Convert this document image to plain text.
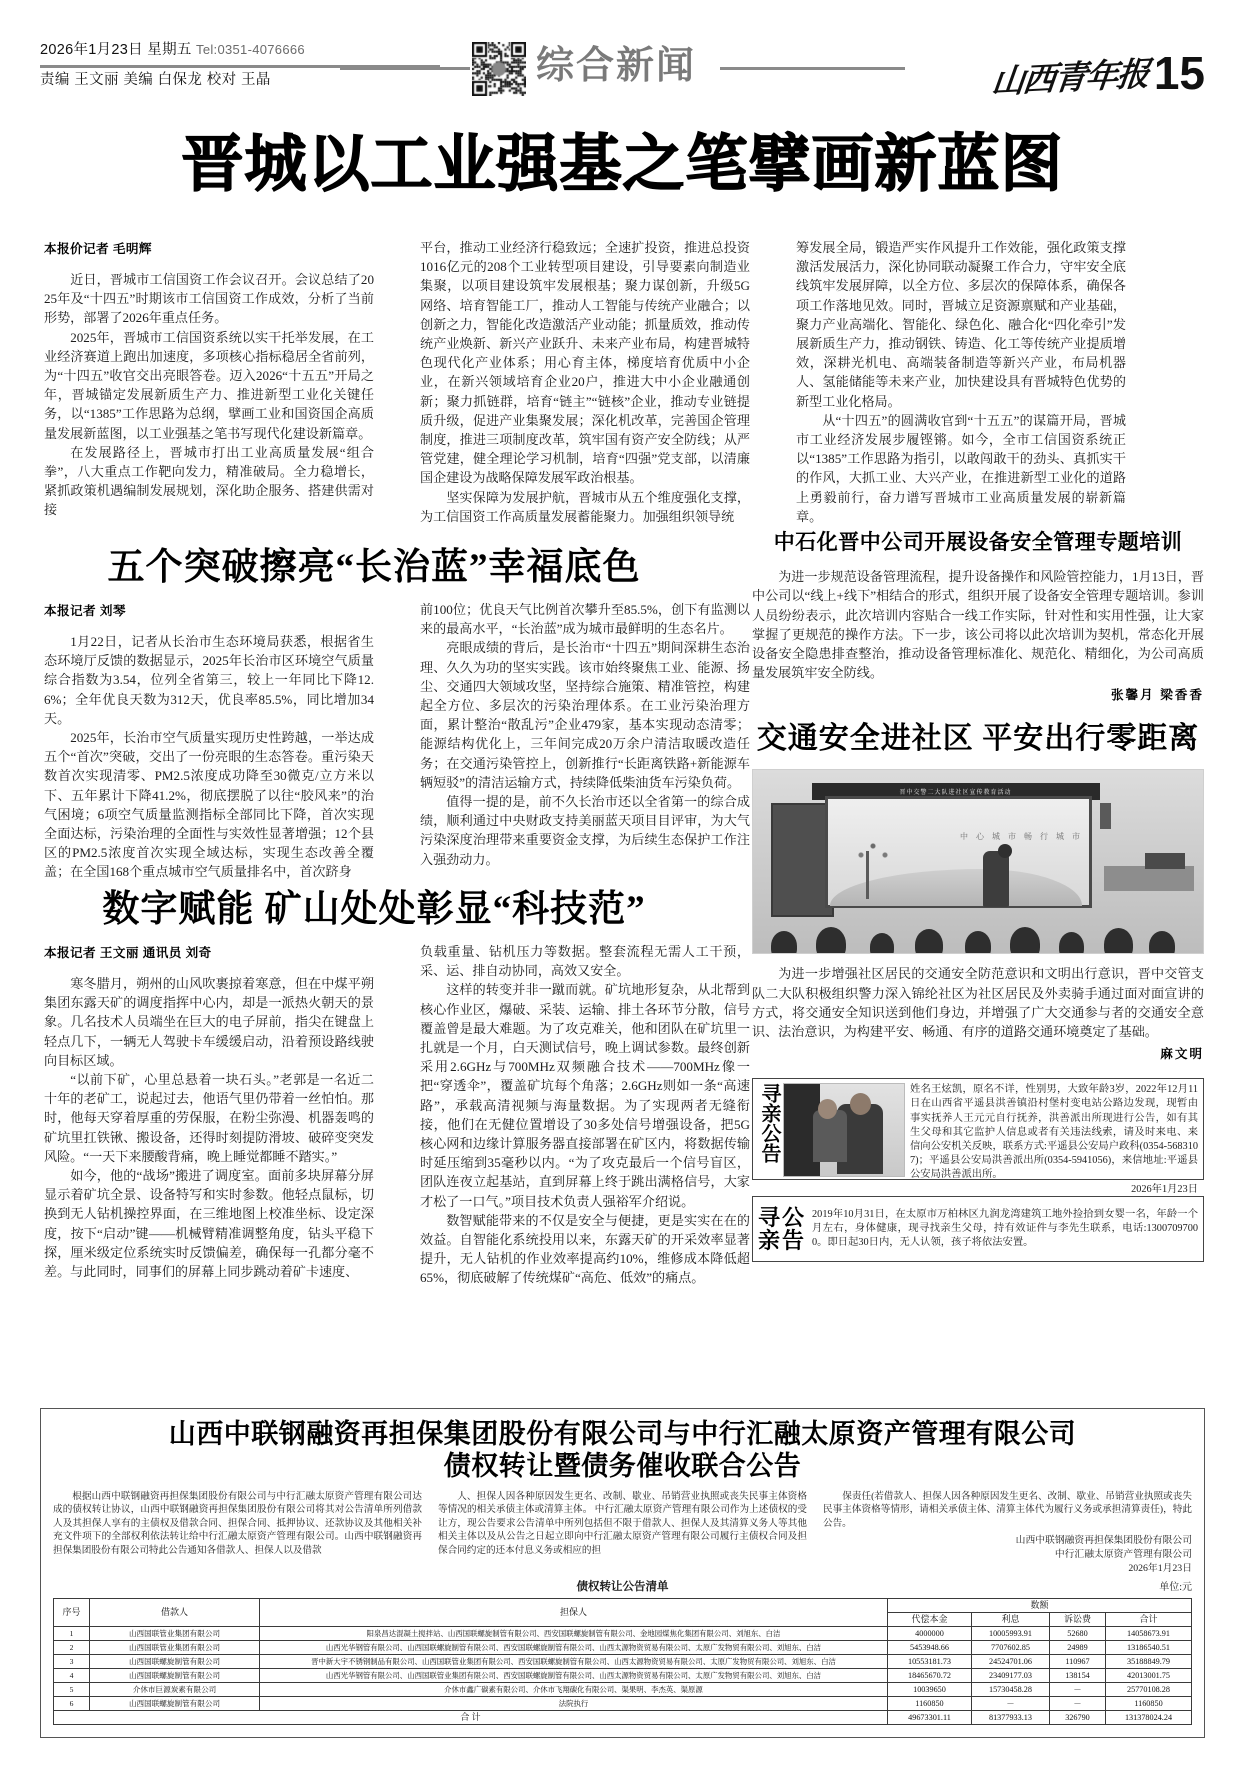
2026年1月23日 星期五 Tel:0351-4076666
责编 王文丽 美编 白保龙 校对 王晶	综合新闻	山西青年报 15
晋城以工业强基之笔擘画新蓝图
本报价记者 毛明辉

近日，晋城市工信国资工作会议召开。会议总结了2025年及“十四五”时期该市工信国资工作成效，分析了当前形势，部署了2026年重点任务。

2025年，晋城市工信国资系统以实干托举发展，在工业经济赛道上跑出加速度，多项核心指标稳居全省前列，为“十四五”收官交出亮眼答卷。迈入2026“十五五”开局之年，晋城锚定发展新质生产力、推进新型工业化关键任务，以“1385”工作思路为总纲，擘画工业和国资国企高质量发展新蓝图，以工业强基之笔书写现代化建设新篇章。

在发展路径上，晋城市打出工业高质量发展“组合拳”，八大重点工作靶向发力，精准破局。全力稳增长，紧抓政策机遇编制发展规划，深化助企服务、搭建供需对接

平台，推动工业经济行稳致远；全速扩投资，推进总投资1016亿元的208个工业转型项目建设，引导要素向制造业集聚，以项目建设筑牢发展根基；聚力谋创新，升级5G网络、培育智能工厂，推动人工智能与传统产业融合；以创新之力，智能化改造激活产业动能；抓量质效，推动传统产业焕新、新兴产业跃升、未来产业布局，构建晋城特色现代化产业体系；用心育主体，梯度培育优质中小企业，在新兴领域培育企业20户，推进大中小企业融通创新；聚力抓链群，培育“链主”“链核”企业，推动专业链提质升级，促进产业集聚发展；深化机改革，完善国企管理制度，推进三项制度改革，筑牢国有资产安全防线；从严管党建，健全理论学习机制，培育“四强”党支部，以清廉国企建设为战略保障发展军政治根基。

坚实保障为发展护航，晋城市从五个维度强化支撑，为工信国资工作高质量发展蓄能聚力。加强组织领导统

筹发展全局，锻造严实作风提升工作效能，强化政策支撑激活发展活力，深化协同联动凝聚工作合力，守牢安全底线筑牢发展屏障，以全方位、多层次的保障体系，确保各项工作落地见效。同时，晋城立足资源禀赋和产业基础，聚力产业高端化、智能化、绿色化、融合化“四化牵引”发展新质生产力，推动钢铁、铸造、化工等传统产业提质增效，深耕光机电、高端装备制造等新兴产业，布局机器人、氢能储能等未来产业，加快建设具有晋城特色优势的新型工业化格局。

从“十四五”的圆满收官到“十五五”的谋篇开局，晋城市工业经济发展步履铿锵。如今，全市工信国资系统正以“1385”工作思路为指引，以敢闯敢干的劲头、真抓实干的作风，大抓工业、大兴产业，在推进新型工业化的道路上勇毅前行，奋力谱写晋城市工业高质量发展的崭新篇章。

五个突破擦亮“长治蓝”幸福底色
本报记者 刘琴

1月22日，记者从长治市生态环境局获悉，根据省生态环境厅反馈的数据显示，2025年长治市区环境空气质量综合指数为3.54，位列全省第三，较上一年同比下降12.6%；全年优良天数为312天，优良率85.5%，同比增加34天。

2025年，长治市空气质量实现历史性跨越，一举达成五个“首次”突破，交出了一份亮眼的生态答卷。重污染天数首次实现清零、PM2.5浓度成功降至30微克/立方米以下、五年累计下降41.2%，彻底摆脱了以往“胶风来”的治气困境；6项空气质量监测指标全部同比下降，首次实现全面达标，污染治理的全面性与实效性显著增强；12个县区的PM2.5浓度首次实现全域达标，实现生态改善全覆盖；在全国168个重点城市空气质量排名中，首次跻身

前100位；优良天气比例首次攀升至85.5%，创下有监测以来的最高水平，“长治蓝”成为城市最鲜明的生态名片。

亮眼成绩的背后，是长治市“十四五”期间深耕生态治理、久久为功的坚实实践。该市始终聚焦工业、能源、扬尘、交通四大领域攻坚，坚持综合施策、精准管控，构建起全方位、多层次的污染治理体系。在工业污染治理方面，累计整治“散乱污”企业479家，基本实现动态清零；能源结构优化上，三年间完成20万余户清洁取暖改造任务；在交通污染管控上，创新推行“长距离铁路+新能源车辆短驳”的清洁运输方式，持续降低柴油货车污染负荷。

值得一提的是，前不久长治市还以全省第一的综合成绩，顺利通过中央财政支持美丽蓝天项目目评审，为大气污染深度治理带来重要资金支撑，为后续生态保护工作注入强劲动力。

数字赋能 矿山处处彰显“科技范”
本报记者 王文丽 通讯员 刘奇

寒冬腊月，朔州的山风吹裹掠着寒意，但在中煤平朔集团东露天矿的调度指挥中心内，却是一派热火朝天的景象。几名技术人员端坐在巨大的电子屏前，指尖在键盘上轻点几下，一辆无人驾驶卡车缓缓启动，沿着预设路线驶向目标区域。

“以前下矿，心里总悬着一块石头。”老郭是一名近二十年的老矿工，说起过去，他语气里仍带着一丝怕怕。那时，他每天穿着厚重的劳保服，在粉尘弥漫、机器轰鸣的矿坑里扛铁锹、搬设备，还得时刻提防滑坡、破碎变突发风险。“一天下来腰酸背痛，晚上睡觉都睡不踏实。”

如今，他的“战场”搬进了调度室。面前多块屏幕分屏显示着矿坑全景、设备特写和实时参数。他轻点鼠标，切换到无人钻机操控界面，在三维地图上校准坐标、设定深度，按下“启动”键——机械臂精准调整角度，钻头平稳下探，厘米级定位系统实时反馈偏差，确保每一孔都分毫不差。与此同时，同事们的屏幕上同步跳动着矿卡速度、

负载重量、钻机压力等数据。整套流程无需人工干预，采、运、排自动协同，高效又安全。

这样的转变并非一蹴而就。矿坑地形复杂，从北帮到核心作业区，爆破、采装、运输、排土各环节分散，信号覆盖曾是最大难题。为了攻克难关，他和团队在矿坑里一扎就是一个月，白天测试信号，晚上调试参数。最终创新采用2.6GHz与700MHz双频融合技术——700MHz像一把“穿透伞”，覆盖矿坑每个角落；2.6GHz则如一条“高速路”，承载高清视频与海量数据。为了实现两者无缝衔接，他们在无健位置增设了30多处信号增强设备，把5G核心网和边缘计算服务器直接部署在矿区内，将数据传输时延压缩到35毫秒以内。“为了攻克最后一个信号盲区，团队连夜立起基站，直到屏幕上终于跳出满格信号，大家才松了一口气。”项目技术负责人强裕军介绍说。

数智赋能带来的不仅是安全与便捷，更是实实在在的效益。自智能化系统投用以来，东露天矿的开采效率显著提升，无人钻机的作业效率提高约10%，维修成本降低超65%，彻底破解了传统煤矿“高危、低效”的痛点。

中石化晋中公司开展设备安全管理专题培训

为进一步规范设备管理流程，提升设备操作和风险管控能力，1月13日，晋中公司以“线上+线下”相结合的形式，组织开展了设备安全管理专题培训。参训人员纷纷表示，此次培训内容贴合一线工作实际，针对性和实用性强，让大家掌握了更规范的操作方法。下一步，该公司将以此次培训为契机，常态化开展设备安全隐患排查整治，推动设备管理标准化、规范化、精细化，为公司高质量发展筑牢安全防线。

张馨月 梁香香
交通安全进社区 平安出行零距离
晋中交警二大队进社区宣传教育活动
中 心 城 市 畅 行 城 市

为进一步增强社区居民的交通安全防范意识和文明出行意识，晋中交管支队二大队积极组织警力深入锦纶社区为社区居民及外卖骑手通过面对面宣讲的方式，将交通安全知识送到他们身边，并增强了广大交通参与者的交通安全意识、法治意识，为构建平安、畅通、有序的道路交通环境奠定了基础。

麻文明
寻亲公告	姓名王炫凯，原名不详，性别男，大致年龄3岁，2022年12月11日在山西省平遥县洪善镇沿村堡村变电站公路边发现，现暂由事实抚养人王元元自行抚养，洪善派出所现进行公告，如有其生父母和其它监护人信息或者有关违法线索，请及时来电、来信向公安机关反映，联系方式:平遥县公安局户政科(0354-5683107)；平遥县公安局洪善派出所(0354-5941056)，来信地址:平遥县公安局洪善派出所。
2026年1月23日
寻 公
亲 告
2019年10月31日，在太原市万柏林区九润龙湾建筑工地外捡拾到女婴一名，年龄一个月左右，身体健康，现寻找亲生父母，持有效证件与李先生联系，电话:13007097000。即日起30日内，无人认领，孩子将依法安置。
山西中联钢融资再担保集团股份有限公司与中行汇融太原资产管理有限公司
债权转让暨债务催收联合公告

根据山西中联钢融资再担保集团股份有限公司与中行汇融太原资产管理有限公司达成的债权转让协议，山西中联钢融资再担保集团股份有限公司将其对公告清单所列借款人及其担保人享有的主债权及借款合同、担保合同、抵押协议、还款协议及其他相关补充文件项下的全部权利依法转让给中行汇融太原资产管理有限公司。山西中联钢融资再担保集团股份有限公司特此公告通知各借款人、担保人以及借款

人、担保人因各种原因发生更名、改制、歇业、吊销营业执照或丧失民事主体资格等情况的相关承债主体或清算主体。 中行汇融太原资产管理有限公司作为上述债权的受让方，现公告要求公告清单中所列包括但不限于借款人、担保人及其清算义务人等其他相关主体以及从公告之日起立即向中行汇融太原资产管理有限公司履行主债权合同及担保合同约定的还本付息义务或相应的担

保责任(若借款人、担保人因各种原因发生更名、改制、歇业、吊销营业执照或丧失民事主体资格等情形，请相关承债主体、清算主体代为履行义务或承担清算责任)，特此公告。

山西中联钢融资再担保集团股份有限公司
中行汇融太原资产管理有限公司
2026年1月23日
债权转让公告清单	单位:元
序号	借款人	担保人	数额			
			代偿本金	利息	诉讼费	合计
1	山西国联管业集团有限公司	阳泉昌达混凝土搅拌站、山西国联螺旋制管有限公司、西安国联螺旋制管有限公司、金地园煤焦化集团有限公司、刘旭东、白洁	4000000	10005993.91	52680	14058673.91
2	山西国联管业集团有限公司	山西光华钢管有限公司、山西国联螺旋制管有限公司、西安国联螺旋制管有限公司、山西太源物资贸易有限公司、太原广发物贸有限公司、刘旭东、白洁	5453948.66	7707602.85	24989	13186540.51
3	山西国联螺旋制管有限公司	晋中新大宇不锈钢制品有限公司、山西国联管业集团有限公司、西安国联螺旋制管有限公司、山西太源物资贸易有限公司、太原广发物贸有限公司、刘旭东、白洁	10553181.73	24524701.06	110967	35188849.79
4	山西国联螺旋制管有限公司	山西光华钢管有限公司、山西国联管业集团有限公司、西安国联螺旋制管有限公司、山西太源物资贸易有限公司、太原广发物贸有限公司、刘旭东、白洁	18465670.72	23409177.03	138154	42013001.75
5	介休市巨源炭素有限公司	介休市鑫广碳素有限公司、介休市飞翔碳化有限公司、渠果明、李杰英、渠原源	10039650	15730458.28	－	25770108.28
6	山西国联螺旋制管有限公司	法院执行	1160850	－	－	1160850
合 计			49673301.11	81377933.13	326790	131378024.24
